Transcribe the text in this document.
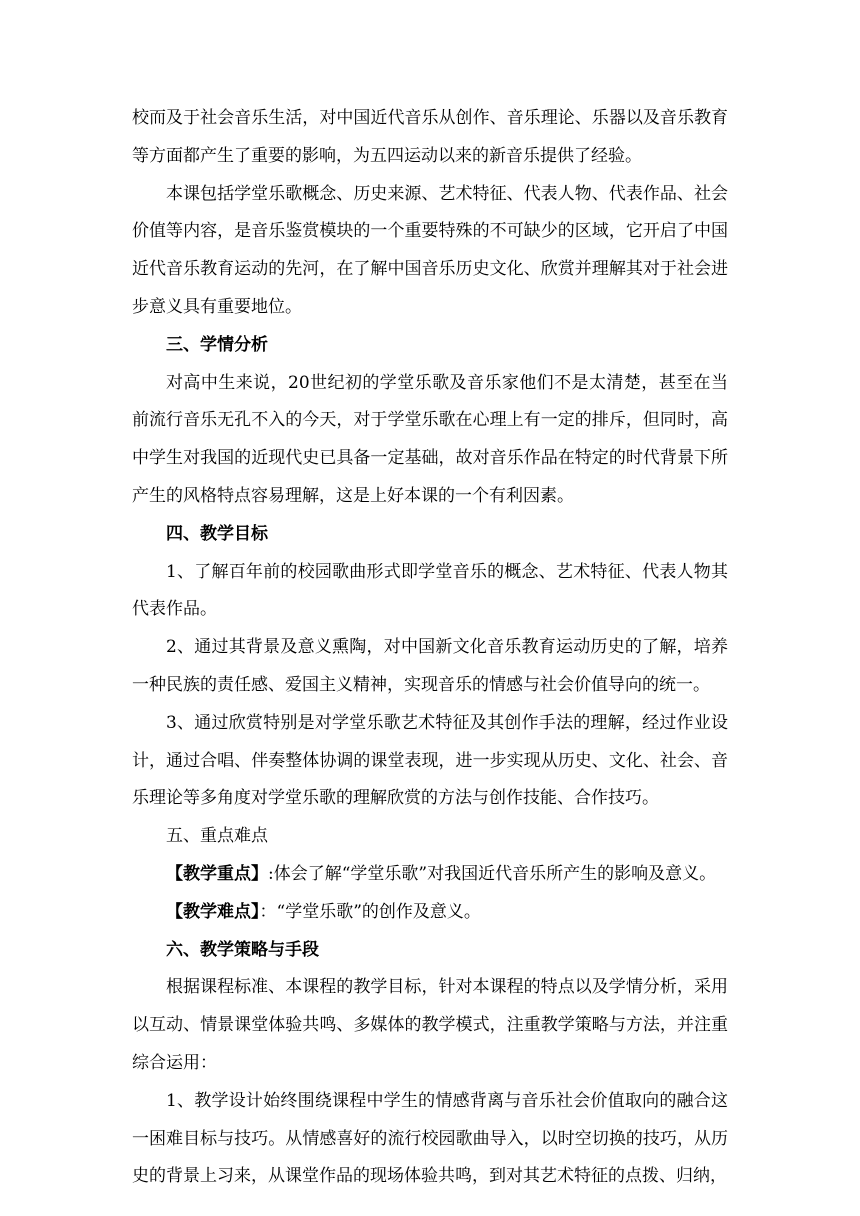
校而及于社会音乐生活，对中国近代音乐从创作、音乐理论、乐器以及音乐教育等方面都产生了重要的影响，为五四运动以来的新音乐提供了经验。

本课包括学堂乐歌概念、历史来源、艺术特征、代表人物、代表作品、社会价值等内容，是音乐鉴赏模块的一个重要特殊的不可缺少的区域，它开启了中国近代音乐教育运动的先河，在了解中国音乐历史文化、欣赏并理解其对于社会进步意义具有重要地位。

三、学情分析

对高中生来说，20世纪初的学堂乐歌及音乐家他们不是太清楚，甚至在当前流行音乐无孔不入的今天，对于学堂乐歌在心理上有一定的排斥，但同时，高中学生对我国的近现代史已具备一定基础，故对音乐作品在特定的时代背景下所产生的风格特点容易理解，这是上好本课的一个有利因素。

四、教学目标

1、了解百年前的校园歌曲形式即学堂音乐的概念、艺术特征、代表人物其代表作品。

2、通过其背景及意义熏陶，对中国新文化音乐教育运动历史的了解，培养一种民族的责任感、爱国主义精神，实现音乐的情感与社会价值导向的统一。

3、通过欣赏特别是对学堂乐歌艺术特征及其创作手法的理解，经过作业设计，通过合唱、伴奏整体协调的课堂表现，进一步实现从历史、文化、社会、音乐理论等多角度对学堂乐歌的理解欣赏的方法与创作技能、合作技巧。

五、重点难点

【教学重点】:体会了解“学堂乐歌”对我国近代音乐所产生的影响及意义。

【教学难点】：“学堂乐歌”的创作及意义。

六、教学策略与手段

根据课程标准、本课程的教学目标，针对本课程的特点以及学情分析，采用以互动、情景课堂体验共鸣、多媒体的教学模式，注重教学策略与方法，并注重综合运用：

1、教学设计始终围绕课程中学生的情感背离与音乐社会价值取向的融合这一困难目标与技巧。从情感喜好的流行校园歌曲导入，以时空切换的技巧，从历史的背景上习来，从课堂作品的现场体验共鸣，到对其艺术特征的点拨、归纳，
